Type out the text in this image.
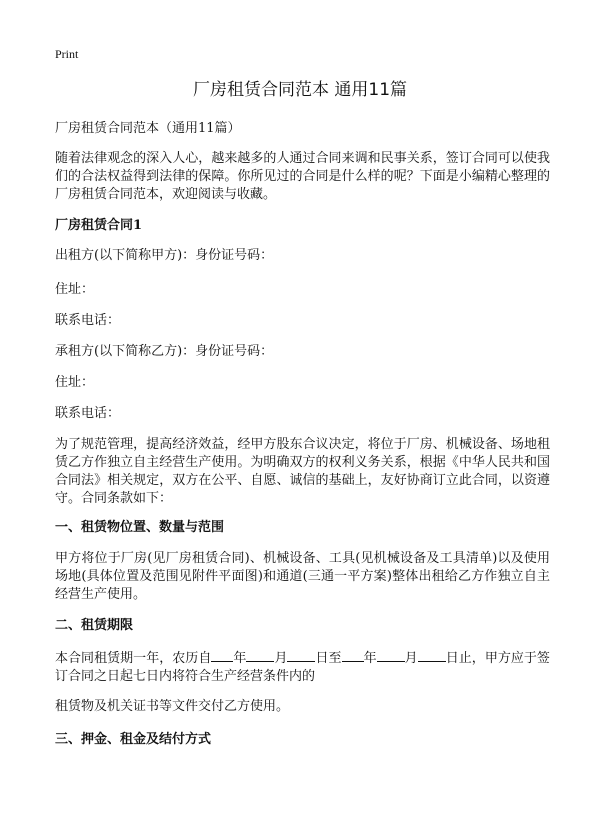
Print
厂房租赁合同范本 通用11篇
厂房租赁合同范本（通用11篇）

随着法律观念的深入人心，越来越多的人通过合同来调和民事关系，签订合同可以使我们的合法权益得到法律的保障。你所见过的合同是什么样的呢？下面是小编精心整理的厂房租赁合同范本，欢迎阅读与收藏。

厂房租赁合同1

出租方(以下简称甲方)：身份证号码：

住址：

联系电话：

承租方(以下简称乙方)：身份证号码：

住址：

联系电话：

为了规范管理，提高经济效益，经甲方股东合议决定，将位于厂房、机械设备、场地租赁乙方作独立自主经营生产使用。为明确双方的权利义务关系，根据《中华人民共和国合同法》相关规定，双方在公平、自愿、诚信的基础上，友好协商订立此合同，以资遵守。合同条款如下：

一、租赁物位置、数量与范围

甲方将位于厂房(见厂房租赁合同)、机械设备、工具(见机械设备及工具清单)以及使用场地(具体位置及范围见附件平面图)和通道(三通一平方案)整体出租给乙方作独立自主经营生产使用。

二、租赁期限

本合同租赁期一年，农历自 年 月 日至 年 月 日止，甲方应于签订合同之日起七日内将符合生产经营条件内的

租赁物及机关证书等文件交付乙方使用。

三、押金、租金及结付方式
